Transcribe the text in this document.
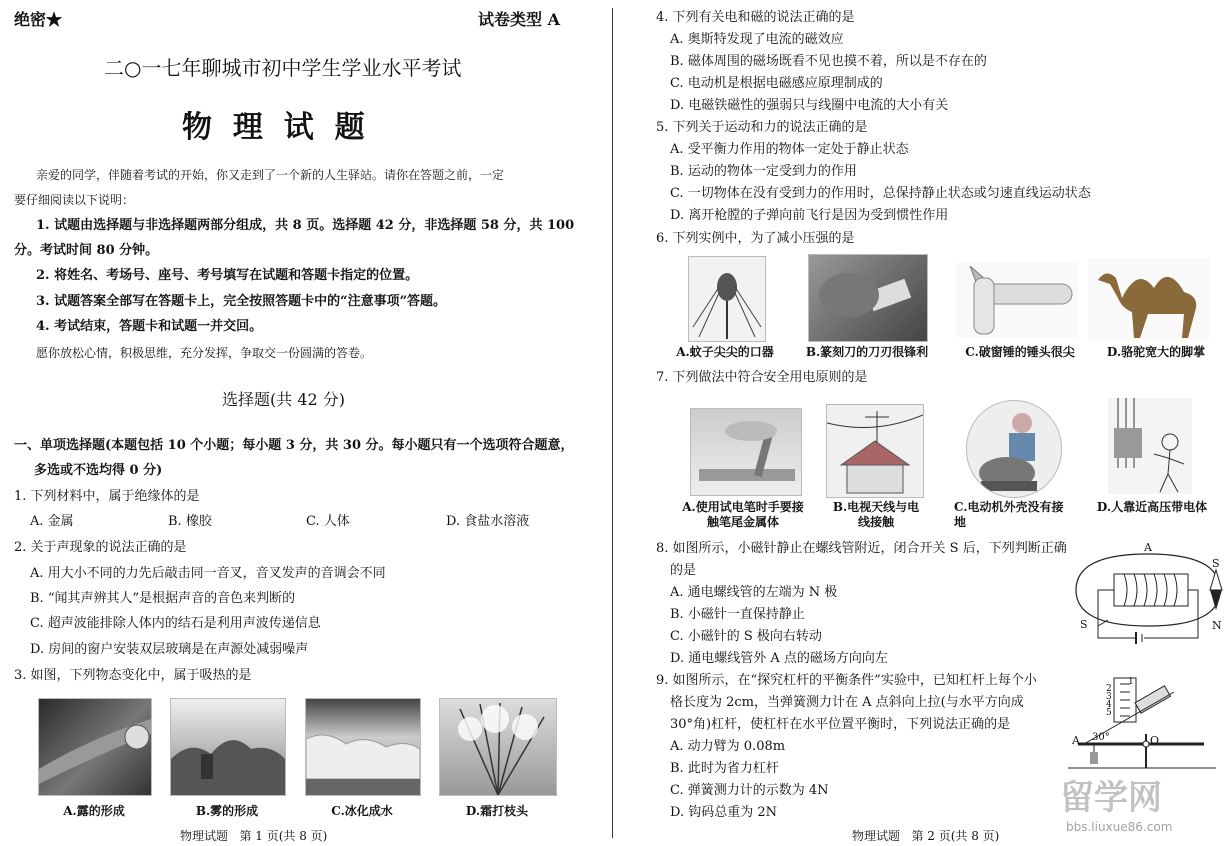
绝密★	试卷类型 A
二○一七年聊城市初中学生学业水平考试
物  理  试  题
亲爱的同学，伴随着考试的开始，你又走到了一个新的人生驿站。请你在答题之前，一定
要仔细阅读以下说明：
1. 试题由选择题与非选择题两部分组成，共 8 页。选择题 42 分，非选择题 58 分，共 100
分。考试时间 80 分钟。
2. 将姓名、考场号、座号、考号填写在试题和答题卡指定的位置。
3. 试题答案全部写在答题卡上，完全按照答题卡中的“注意事项”答题。
4. 考试结束，答题卡和试题一并交回。
愿你放松心情，积极思维，充分发挥，争取交一份圆满的答卷。
选择题(共 42 分)
一、单项选择题(本题包括 10 个小题；每小题 3 分，共 30 分。每小题只有一个选项符合题意，
多选或不选均得 0 分)
1. 下列材料中，属于绝缘体的是
A. 金属	B. 橡胶	C. 人体	D. 食盐水溶液
2. 关于声现象的说法正确的是
A. 用大小不同的力先后敲击同一音叉，音叉发声的音调会不同
B. “闻其声辨其人”是根据声音的音色来判断的
C. 超声波能排除人体内的结石是利用声波传递信息
D. 房间的窗户安装双层玻璃是在声源处减弱噪声
3. 如图，下列物态变化中，属于吸热的是
A.露的形成	B.雾的形成	C.冰化成水	D.霜打枝头
物理试题   第 1 页(共 8 页)
4. 下列有关电和磁的说法正确的是
A. 奥斯特发现了电流的磁效应
B. 磁体周围的磁场既看不见也摸不着，所以是不存在的
C. 电动机是根据电磁感应原理制成的
D. 电磁铁磁性的强弱只与线圈中电流的大小有关
5. 下列关于运动和力的说法正确的是
A. 受平衡力作用的物体一定处于静止状态
B. 运动的物体一定受到力的作用
C. 一切物体在没有受到力的作用时，总保持静止状态或匀速直线运动状态
D. 离开枪膛的子弹向前飞行是因为受到惯性作用
6. 下列实例中，为了减小压强的是
A.蚊子尖尖的口器	B.篆刻刀的刀刃很锋利	C.破窗锤的锤头很尖	D.骆驼宽大的脚掌
7. 下列做法中符合安全用电原则的是
A.使用试电笔时手要接触笔尾金属体
B.电视天线与电线接触
C.电动机外壳没有接地
D.人靠近高压带电体
8. 如图所示，小磁针静止在螺线管附近，闭合开关 S 后，下列判断正确
的是
A. 通电螺线管的左端为 N 极
B. 小磁针一直保持静止
C. 小磁针的 S 极向右转动
D. 通电螺线管外 A 点的磁场方向向左
A
S
N
S
9. 如图所示，在“探究杠杆的平衡条件”实验中，已知杠杆上每个小
格长度为 2cm，当弹簧测力计在 A 点斜向上拉(与水平方向成
30°角)杠杆，使杠杆在水平位置平衡时，下列说法正确的是
A. 动力臂为 0.08m
B. 此时为省力杠杆
C. 弹簧测力计的示数为 4N
D. 钩码总重为 2N
1
2
3
4
5
A 30°	O
物理试题   第 2 页(共 8 页)
留学网
bbs.liuxue86.com
